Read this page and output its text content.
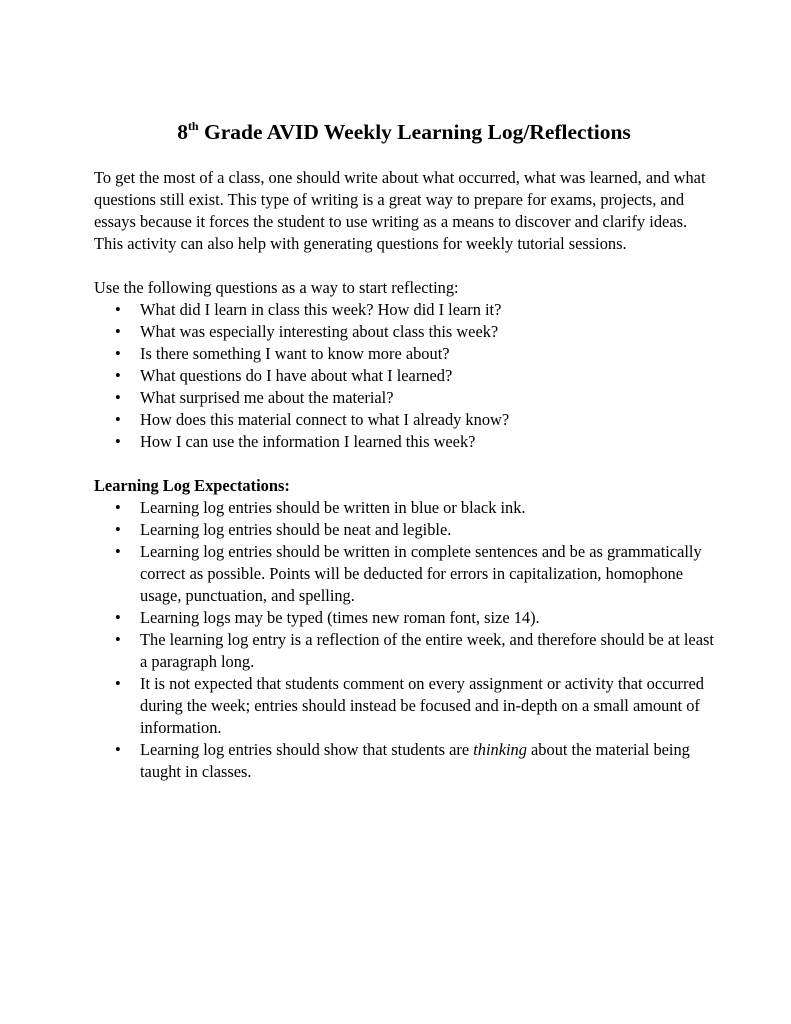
8th Grade AVID Weekly Learning Log/Reflections

To get the most of a class, one should write about what occurred, what was learned, and what questions still exist. This type of writing is a great way to prepare for exams, projects, and essays because it forces the student to use writing as a means to discover and clarify ideas. This activity can also help with generating questions for weekly tutorial sessions.

Use the following questions as a way to start reflecting:

• What did I learn in class this week? How did I learn it?
• What was especially interesting about class this week?
• Is there something I want to know more about?
• What questions do I have about what I learned?
• What surprised me about the material?
• How does this material connect to what I already know?
• How I can use the information I learned this week?

Learning Log Expectations:

• Learning log entries should be written in blue or black ink.
• Learning log entries should be neat and legible.
• Learning log entries should be written in complete sentences and be as grammatically correct as possible. Points will be deducted for errors in capitalization, homophone usage, punctuation, and spelling.
• Learning logs may be typed (times new roman font, size 14).
• The learning log entry is a reflection of the entire week, and therefore should be at least a paragraph long.
• It is not expected that students comment on every assignment or activity that occurred during the week; entries should instead be focused and in-depth on a small amount of information.
• Learning log entries should show that students are thinking about the material being taught in classes.
